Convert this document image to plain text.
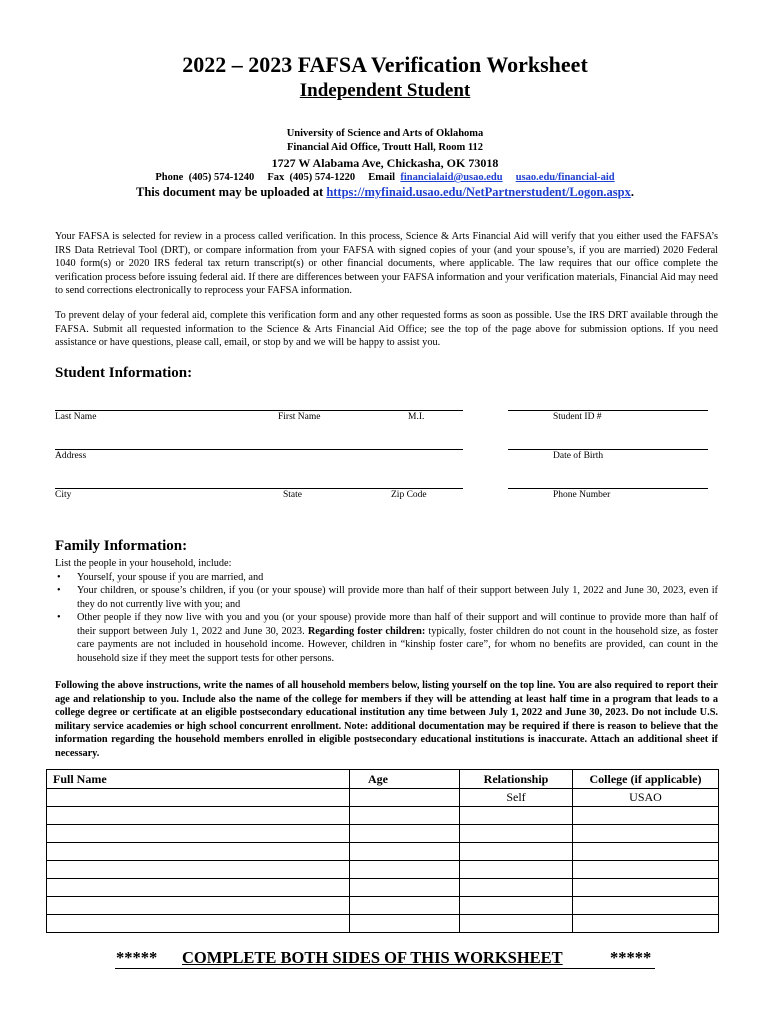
2022 – 2023 FAFSA Verification Worksheet
Independent Student
University of Science and Arts of Oklahoma
Financial Aid Office, Troutt Hall, Room 112
1727 W Alabama Ave, Chickasha, OK 73018
Phone  (405) 574-1240 Fax  (405) 574-1220 Email financialaid@usao.edu usao.edu/financial-aid
This document may be uploaded at https://myfinaid.usao.edu/NetPartnerstudent/Logon.aspx.
Your FAFSA is selected for review in a process called verification. In this process, Science & Arts Financial Aid will verify that you either used the FAFSA’s IRS Data Retrieval Tool (DRT), or compare information from your FAFSA with signed copies of your (and your spouse’s, if you are married) 2020 Federal 1040 form(s) or 2020 IRS federal tax return transcript(s) or other financial documents, where applicable. The law requires that our office complete the verification process before issuing federal aid. If there are differences between your FAFSA information and your verification materials, Financial Aid may need to send corrections electronically to reprocess your FAFSA information.
To prevent delay of your federal aid, complete this verification form and any other requested forms as soon as possible. Use the IRS DRT available through the FAFSA. Submit all requested information to the Science & Arts Financial Aid Office; see the top of the page above for submission options. If you need assistance or have questions, please call, email, or stop by and we will be happy to assist you.
Student Information:
Last Name	First Name	M.I.	Student ID #
Address	Date of Birth
City	State	Zip Code	Phone Number
Family Information:
List the people in your household, include:
• Yourself, your spouse if you are married, and
• Your children, or spouse’s children, if you (or your spouse) will provide more than half of their support between July 1, 2022 and June 30, 2023, even if they do not currently live with you; and
• Other people if they now live with you and you (or your spouse) provide more than half of their support and will continue to provide more than half of their support between July 1, 2022 and June 30, 2023. Regarding foster children: typically, foster children do not count in the household size, as foster care payments are not included in household income. However, children in “kinship foster care”, for whom no benefits are provided, can count in the household size if they meet the support tests for other persons.
Following the above instructions, write the names of all household members below, listing yourself on the top line. You are also required to report their age and relationship to you. Include also the name of the college for members if they will be attending at least half time in a program that leads to a college degree or certificate at an eligible postsecondary educational institution any time between July 1, 2022 and June 30, 2023. Do not include U.S. military service academies or high school concurrent enrollment. Note: additional documentation may be required if there is reason to believe that the information regarding the household members enrolled in eligible postsecondary educational institutions is inaccurate. Attach an additional sheet if necessary.
Full Name	Age	Relationship	College (if applicable)
		Self	USAO

***** COMPLETE BOTH SIDES OF THIS WORKSHEET	*****
